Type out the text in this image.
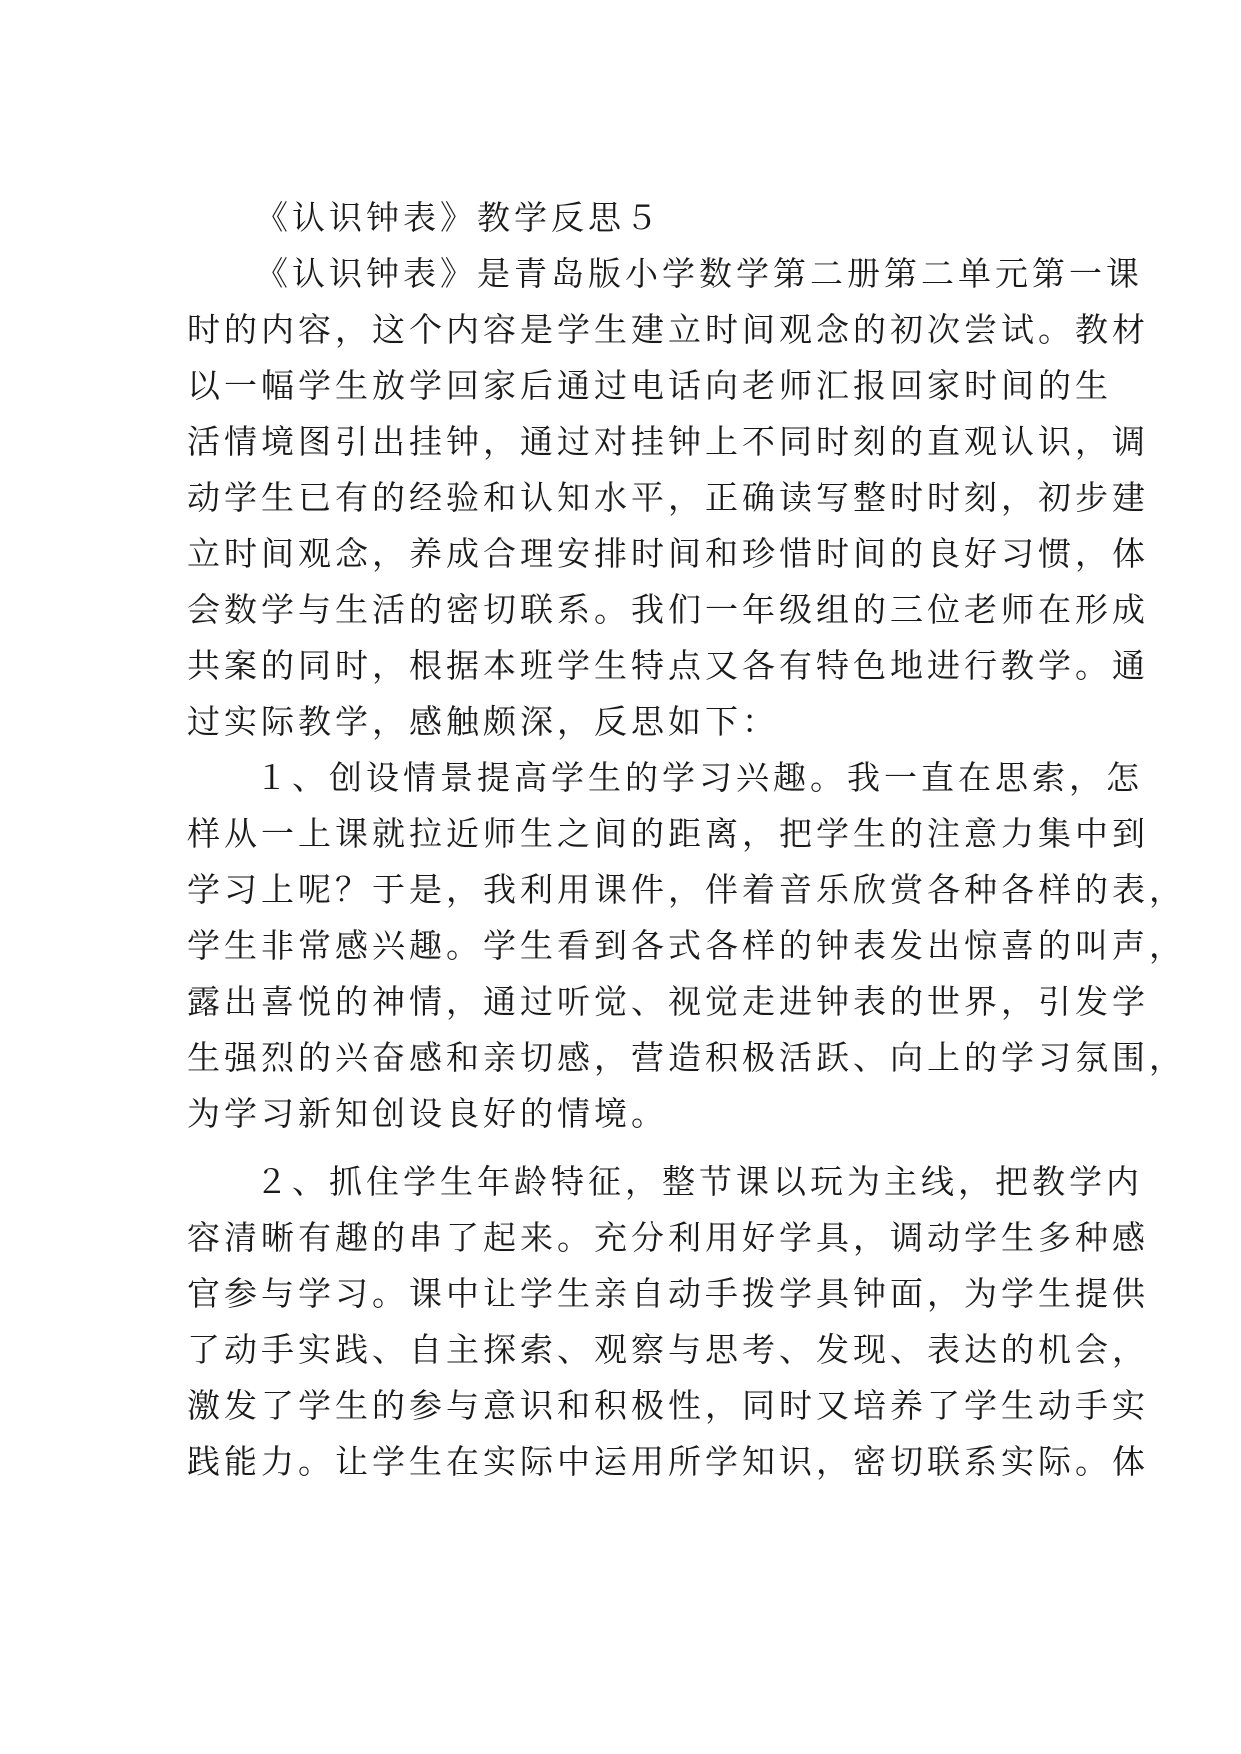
《认识钟表》教学反思５
《认识钟表》是青岛版小学数学第二册第二单元第一课
时的内容，这个内容是学生建立时间观念的初次尝试。教材
以一幅学生放学回家后通过电话向老师汇报回家时间的生
活情境图引出挂钟，通过对挂钟上不同时刻的直观认识，调
动学生已有的经验和认知水平，正确读写整时时刻，初步建
立时间观念，养成合理安排时间和珍惜时间的良好习惯，体
会数学与生活的密切联系。我们一年级组的三位老师在形成
共案的同时，根据本班学生特点又各有特色地进行教学。通
过实际教学，感触颇深，反思如下：
１、创设情景提高学生的学习兴趣。我一直在思索，怎
样从一上课就拉近师生之间的距离，把学生的注意力集中到
学习上呢？于是，我利用课件，伴着音乐欣赏各种各样的表，
学生非常感兴趣。学生看到各式各样的钟表发出惊喜的叫声，
露出喜悦的神情，通过听觉、视觉走进钟表的世界，引发学
生强烈的兴奋感和亲切感，营造积极活跃、向上的学习氛围，
为学习新知创设良好的情境。
２、抓住学生年龄特征，整节课以玩为主线，把教学内
容清晰有趣的串了起来。充分利用好学具，调动学生多种感
官参与学习。课中让学生亲自动手拨学具钟面，为学生提供
了动手实践、自主探索、观察与思考、发现、表达的机会，
激发了学生的参与意识和积极性，同时又培养了学生动手实
践能力。让学生在实际中运用所学知识，密切联系实际。体
